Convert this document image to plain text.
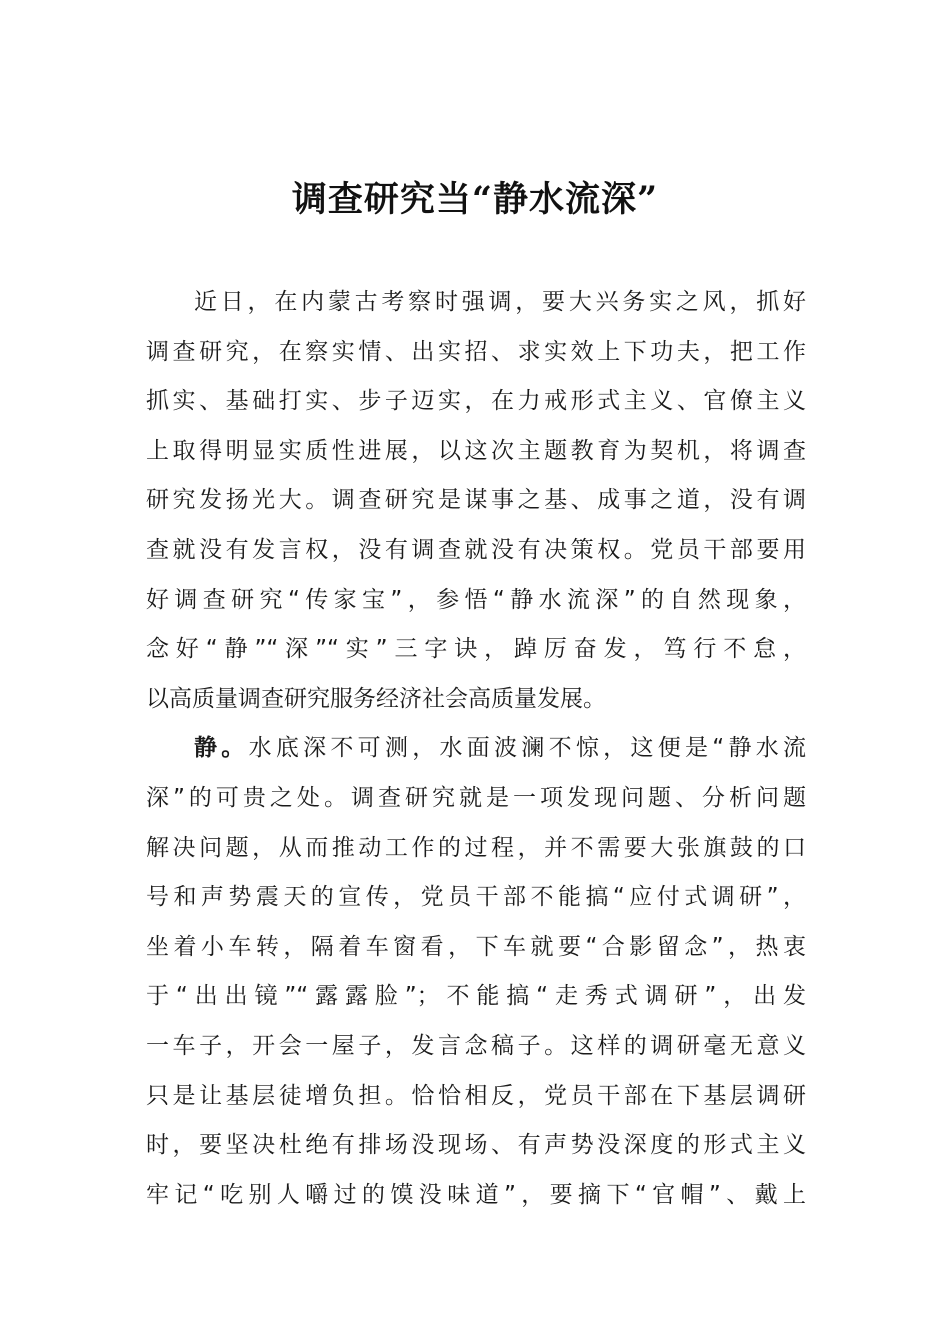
调查研究当“静水流深”
近日，在内蒙古考察时强调，要大兴务实之风，抓好
调查研究，在察实情、出实招、求实效上下功夫，把工作
抓实、基础打实、步子迈实，在力戒形式主义、官僚主义
上取得明显实质性进展，以这次主题教育为契机，将调查
研究发扬光大。调查研究是谋事之基、成事之道，没有调
查就没有发言权，没有调查就没有决策权。党员干部要用
好调查研究“传家宝”，参悟“静水流深”的自然现象，
念好“静”“深”“实”三字诀，踔厉奋发，笃行不怠，
以高质量调查研究服务经济社会高质量发展。
静。水底深不可测，水面波澜不惊，这便是“静水流
深”的可贵之处。调查研究就是一项发现问题、分析问题
解决问题，从而推动工作的过程，并不需要大张旗鼓的口
号和声势震天的宣传，党员干部不能搞“应付式调研”，
坐着小车转，隔着车窗看，下车就要“合影留念”，热衷
于“出出镜”“露露脸”；不能搞“走秀式调研”，出发
一车子，开会一屋子，发言念稿子。这样的调研毫无意义
只是让基层徒增负担。恰恰相反，党员干部在下基层调研
时，要坚决杜绝有排场没现场、有声势没深度的形式主义
牢记“吃别人嚼过的馍没味道”，要摘下“官帽”、戴上
